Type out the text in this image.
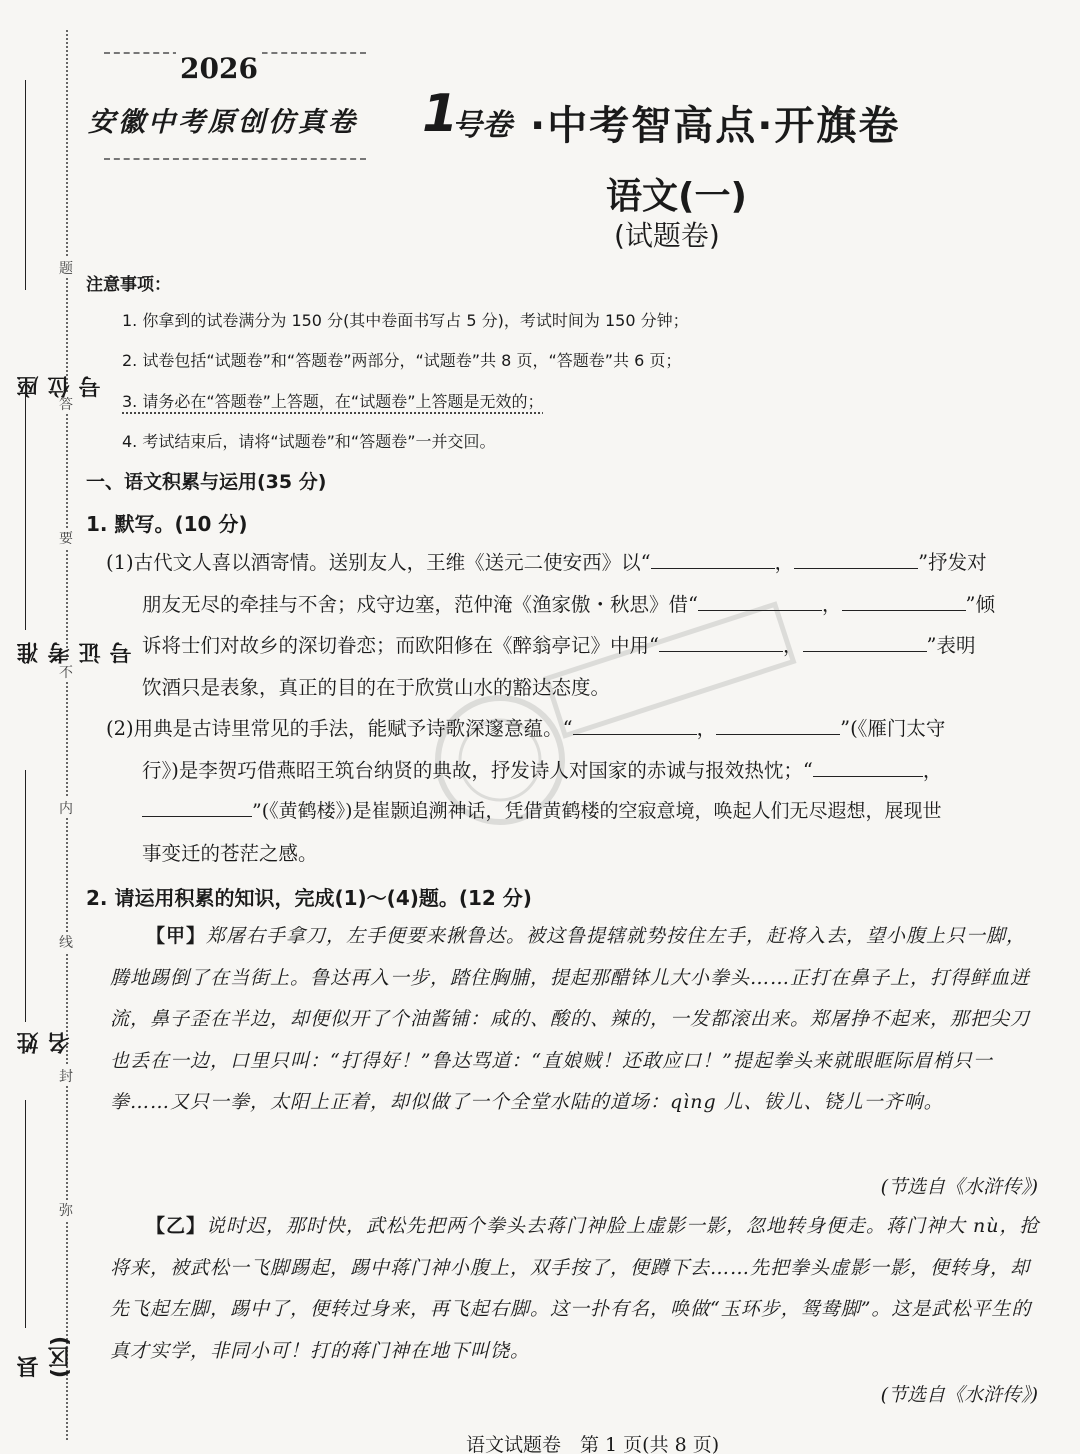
题
答
要
不
内
线
封
弥
座位号
准考证号
姓名
县(区)
2026
安徽中考原创仿真卷 1
号卷 ·中考智高点·开旗卷
语文(一)
(试题卷)
注意事项：
1. 你拿到的试卷满分为 150 分(其中卷面书写占 5 分)，考试时间为 150 分钟；
2. 试卷包括“试题卷”和“答题卷”两部分，“试题卷”共 8 页，“答题卷”共 6 页；
3. 请务必在“答题卷”上答题，在“试题卷”上答题是无效的；
4. 考试结束后，请将“试题卷”和“答题卷”一并交回。
一、语文积累与运用(35 分)
1. 默写。(10 分)
(1)古代文人喜以酒寄情。送别友人，王维《送元二使安西》以“	，	”抒发对
朋友无尽的牵挂与不舍；戍守边塞，范仲淹《渔家傲・秋思》借“	，	”倾
诉将士们对故乡的深切眷恋；而欧阳修在《醉翁亭记》中用“	，	”表明
饮酒只是表象，真正的目的在于欣赏山水的豁达态度。
(2)用典是古诗里常见的手法，能赋予诗歌深邃意蕴。“	，	”(《雁门太守
行》)是李贺巧借燕昭王筑台纳贤的典故，抒发诗人对国家的赤诚与报效热忱；“	，
”(《黄鹤楼》)是崔颢追溯神话，凭借黄鹤楼的空寂意境，唤起人们无尽遐想，展现世
事变迁的苍茫之感。
2. 请运用积累的知识，完成(1)～(4)题。(12 分)
【甲】郑屠右手拿刀，左手便要来揪鲁达。被这鲁提辖就势按住左手，赶将入去，望小腹上只一脚，腾地踢倒了在当街上。鲁达再入一步，踏住胸脯，提起那醋钵儿大小拳头……正打在鼻子上，打得鲜血迸流，鼻子歪在半边，却便似开了个油酱铺：咸的、酸的、辣的，一发都滚出来。郑屠挣不起来，那把尖刀也丢在一边，口里只叫：“打得好！”鲁达骂道：“直娘贼！还敢应口！”提起拳头来就眼眶际眉梢只一拳……又只一拳，太阳上正着，却似做了一个全堂水陆的道场：qìng 儿、钹儿、铙儿一齐响。
(节选自《水浒传》)
【乙】说时迟，那时快，武松先把两个拳头去蒋门神脸上虚影一影，忽地转身便走。蒋门神大 nù，抢将来，被武松一飞脚踢起，踢中蒋门神小腹上，双手按了，便蹲下去……先把拳头虚影一影，便转身，却先飞起左脚，踢中了，便转过身来，再飞起右脚。这一扑有名，唤做“玉环步，鸳鸯脚”。这是武松平生的真才实学，非同小可！打的蒋门神在地下叫饶。
(节选自《水浒传》)
语文试题卷　第 1 页(共 8 页)
